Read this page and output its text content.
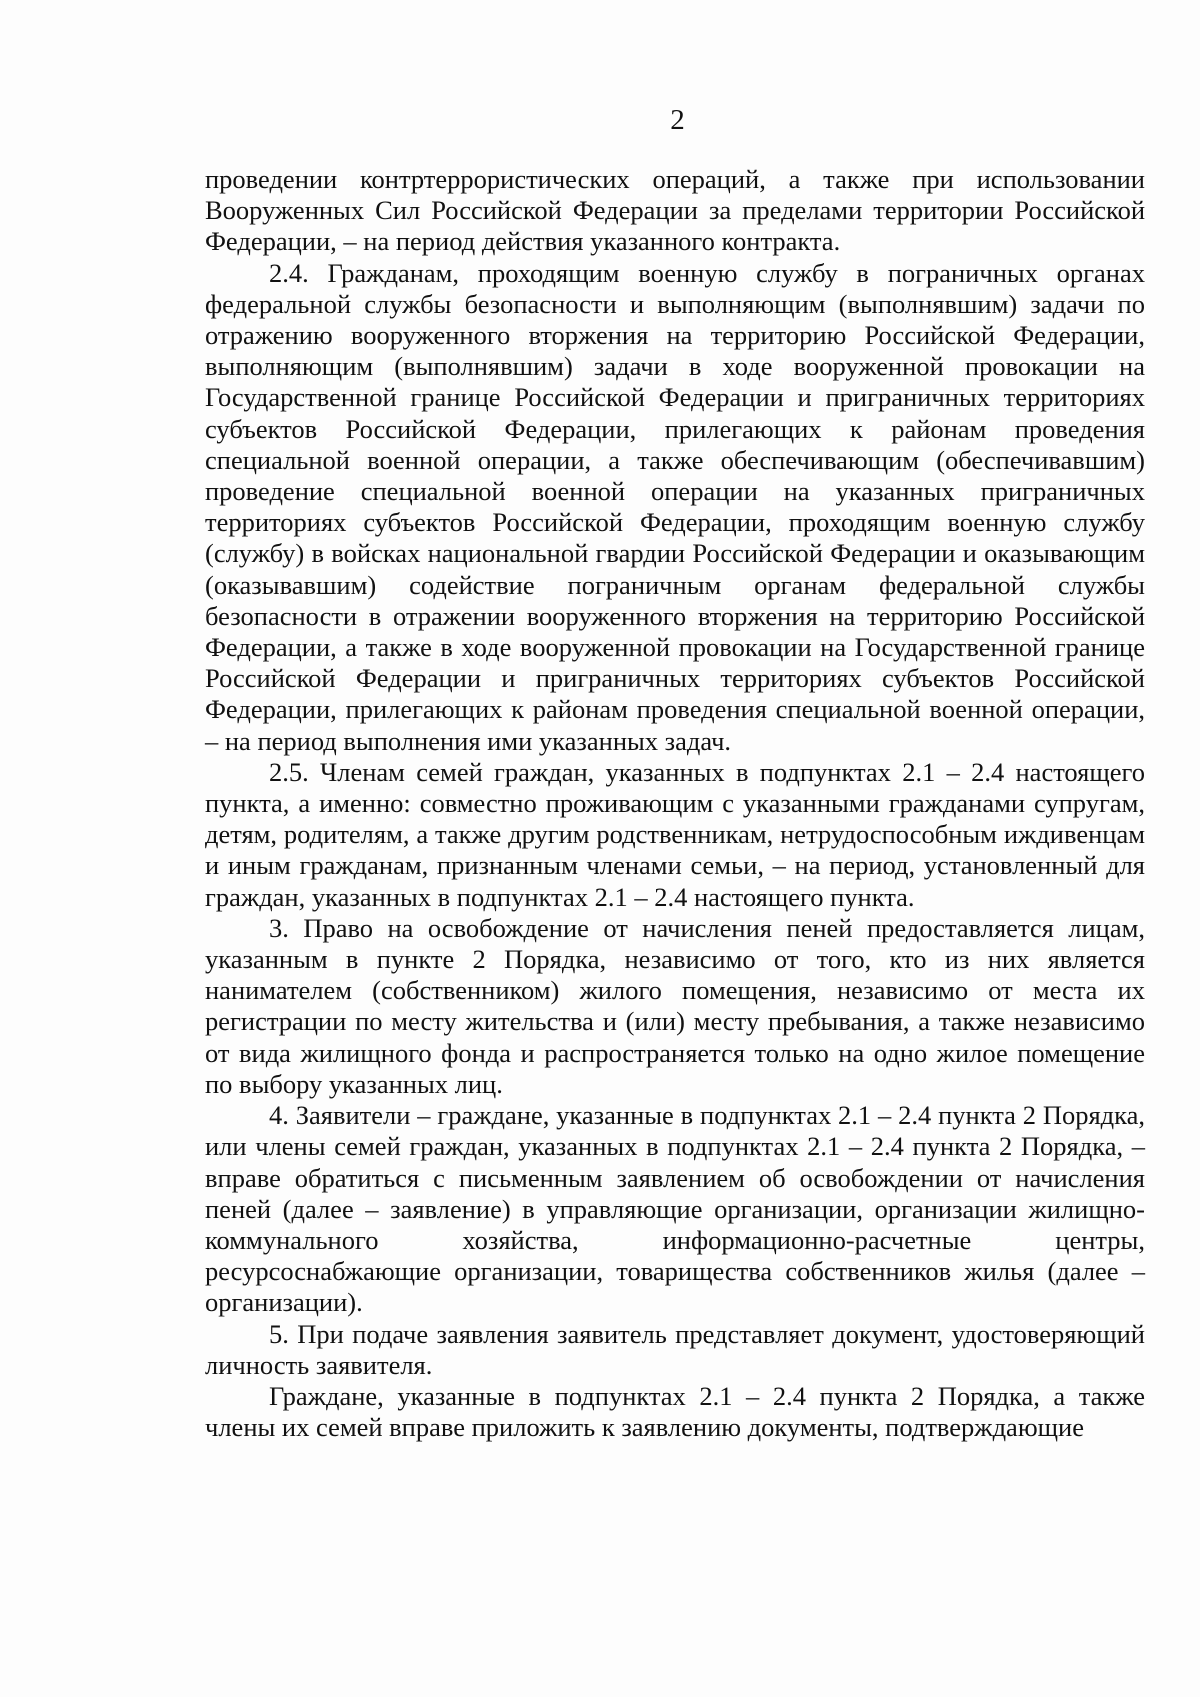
2

проведении контртеррористических операций, а также при использовании Вооруженных Сил Российской Федерации за пределами территории Российской Федерации, – на период действия указанного контракта.

2.4. Гражданам, проходящим военную службу в пограничных органах федеральной службы безопасности и выполняющим (выполнявшим) задачи по отражению вооруженного вторжения на территорию Российской Федерации, выполняющим (выполнявшим) задачи в ходе вооруженной провокации на Государственной границе Российской Федерации и приграничных территориях субъектов Российской Федерации, прилегающих к районам проведения специальной военной операции, а также обеспечивающим (обеспечивавшим) проведение специальной военной операции на указанных приграничных территориях субъектов Российской Федерации, проходящим военную службу (службу) в войсках национальной гвардии Российской Федерации и оказывающим (оказывавшим) содействие пограничным органам федеральной службы безопасности в отражении вооруженного вторжения на территорию Российской Федерации, а также в ходе вооруженной провокации на Государственной границе Российской Федерации и приграничных территориях субъектов Российской Федерации, прилегающих к районам проведения специальной военной операции, – на период выполнения ими указанных задач.

2.5. Членам семей граждан, указанных в подпунктах 2.1 – 2.4 настоящего пункта, а именно: совместно проживающим с указанными гражданами супругам, детям, родителям, а также другим родственникам, нетрудоспособным иждивенцам и иным гражданам, признанным членами семьи, – на период, установленный для граждан, указанных в подпунктах 2.1 – 2.4 настоящего пункта.

3. Право на освобождение от начисления пеней предоставляется лицам, указанным в пункте 2 Порядка, независимо от того, кто из них является нанимателем (собственником) жилого помещения, независимо от места их регистрации по месту жительства и (или) месту пребывания, а также независимо от вида жилищного фонда и распространяется только на одно жилое помещение по выбору указанных лиц.

4. Заявители – граждане, указанные в подпунктах 2.1 – 2.4 пункта 2 Порядка, или члены семей граждан, указанных в подпунктах 2.1 – 2.4 пункта 2 Порядка, – вправе обратиться с письменным заявлением об освобождении от начисления пеней (далее – заявление) в управляющие организации, организации жилищно-коммунального хозяйства, информационно-расчетные центры, ресурсоснабжающие организации, товарищества собственников жилья (далее – организации).

5. При подаче заявления заявитель представляет документ, удостоверяющий личность заявителя.

Граждане, указанные в подпунктах 2.1 – 2.4 пункта 2 Порядка, а также члены их семей вправе приложить к заявлению документы, подтверждающие
